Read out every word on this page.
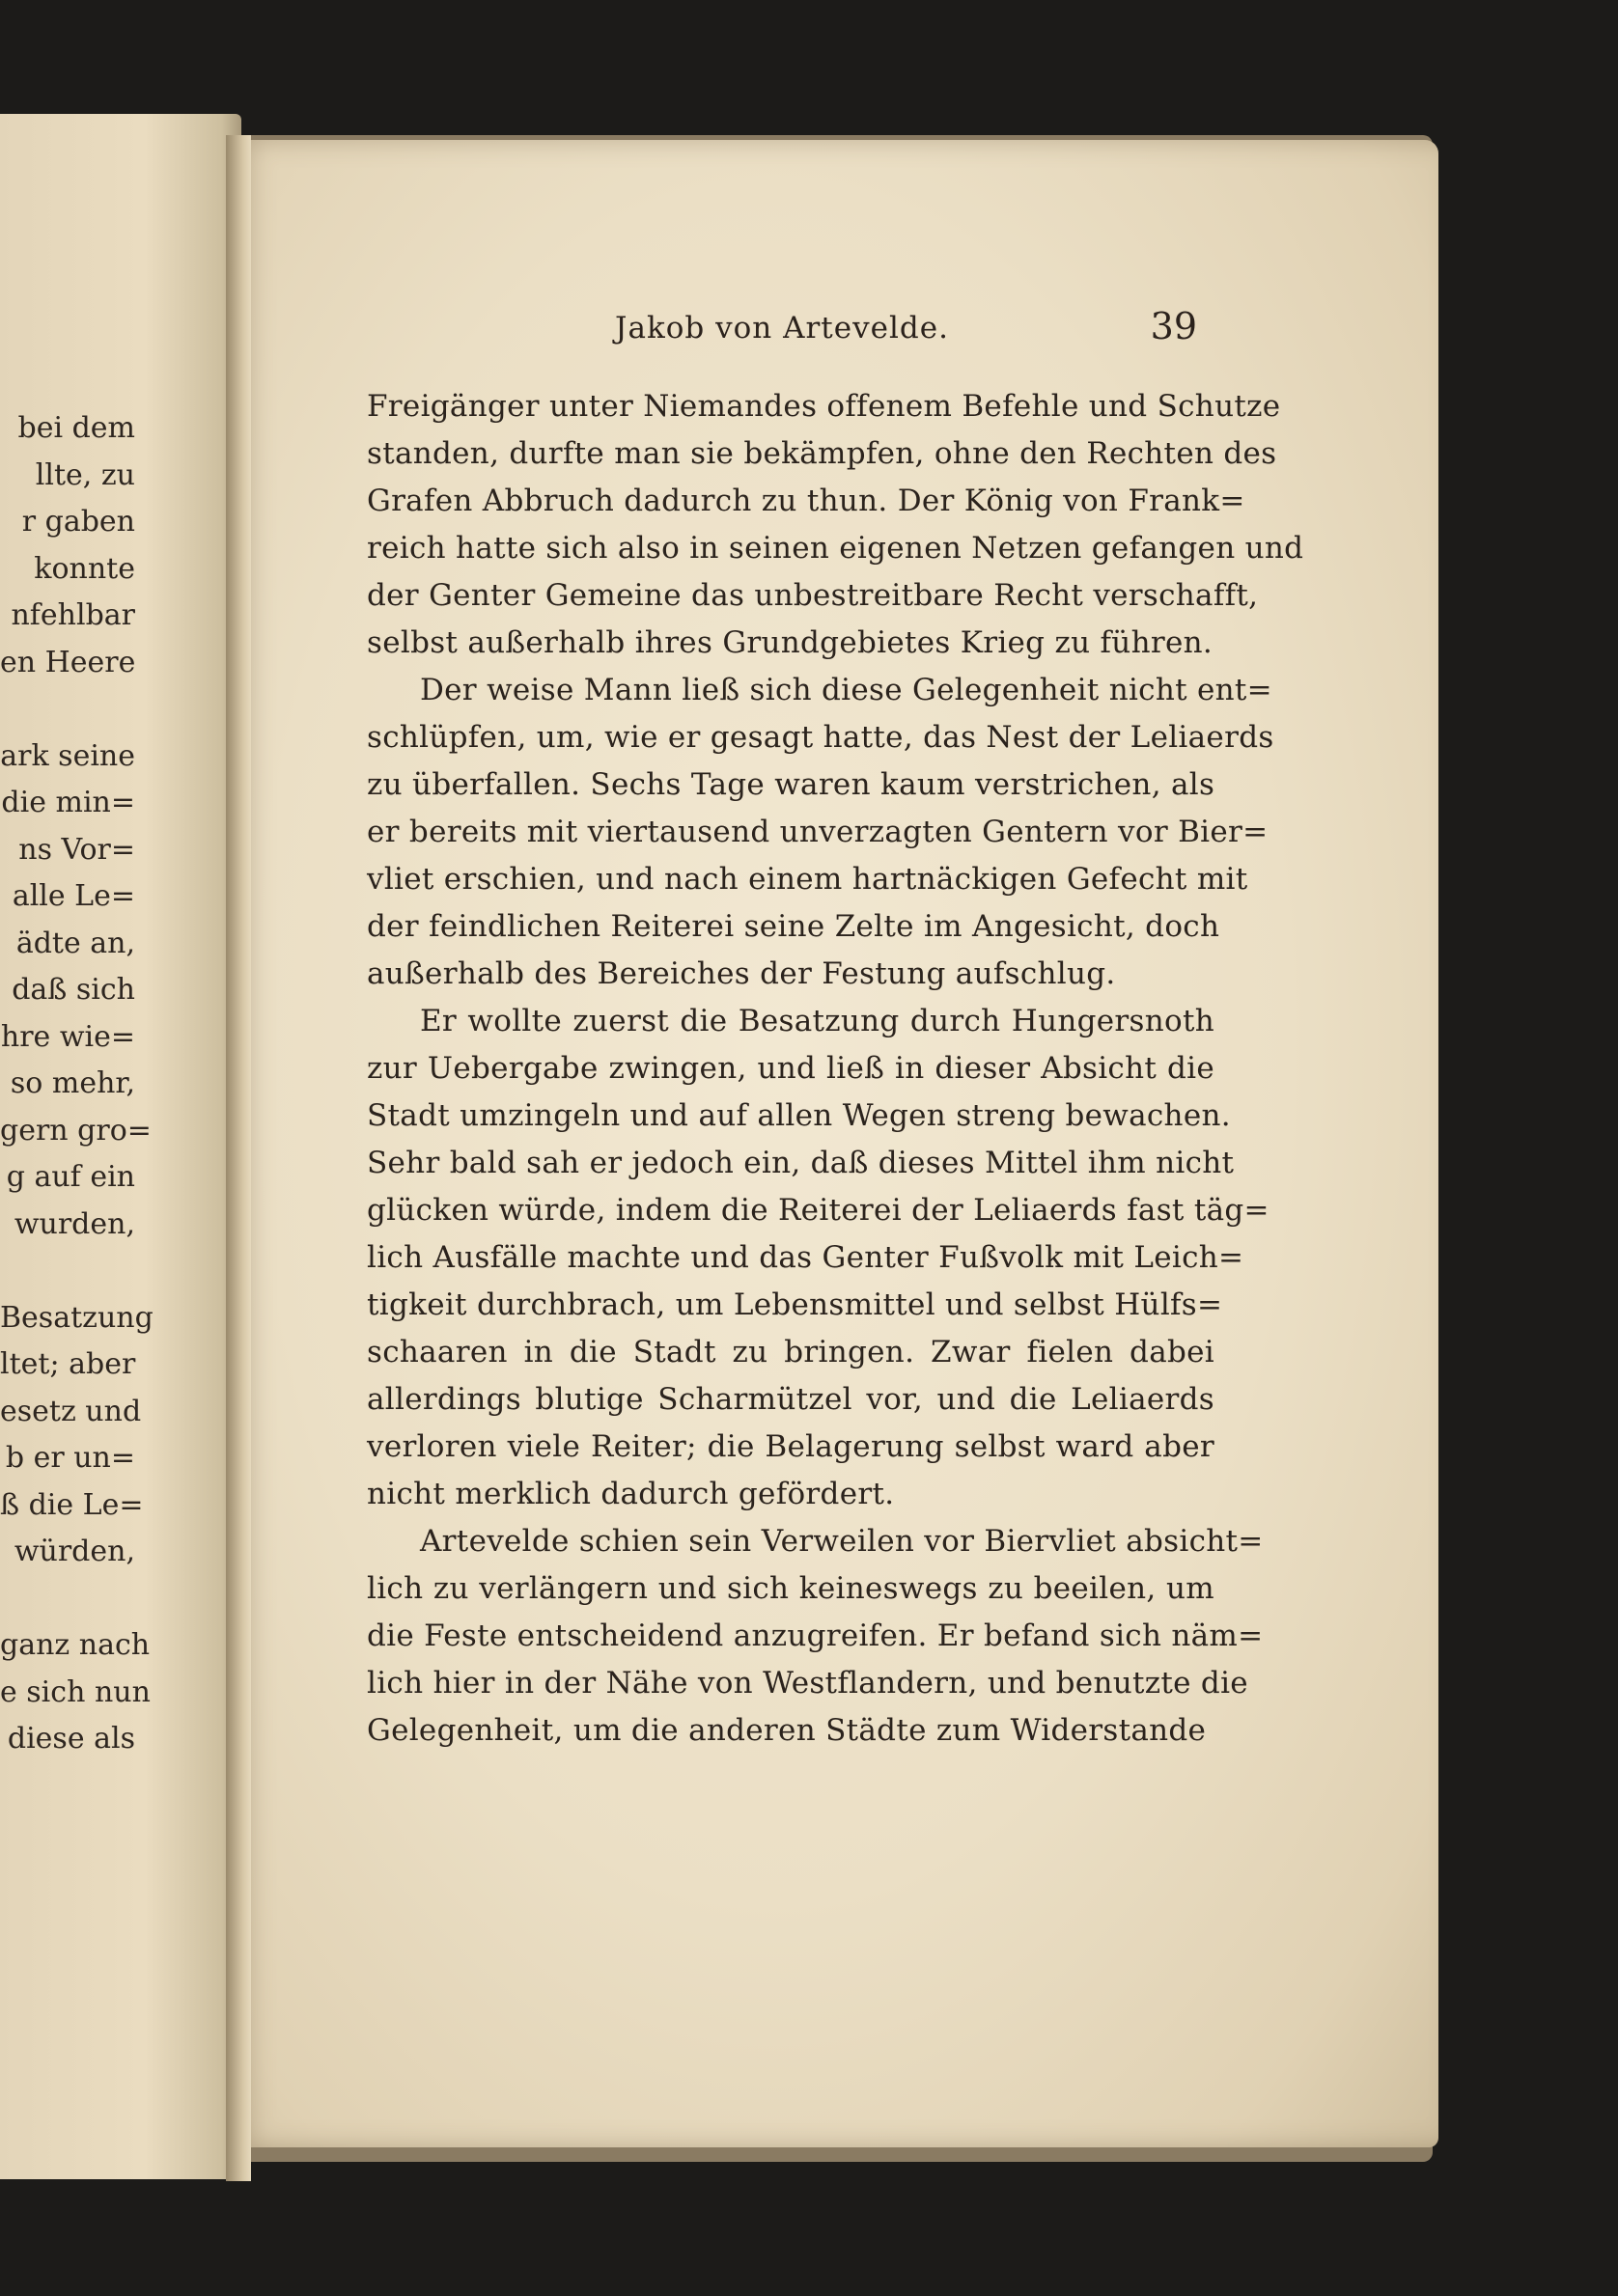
bei dem
llte, zu
r gaben
konnte
nfehlbar
en Heere
ark seine
die min=
ns Vor=
alle Le=
ädte an,
daß sich
hre wie=
so mehr,
gern gro=
g auf ein
wurden,
Besatzung
ltet; aber
esetz und
b er un=
ß die Le=
würden,
ganz nach
e sich nun
diese als
Jakob von Artevelde.	39
Freigänger unter Niemandes offenem Befehle und Schutze
standen, durfte man sie bekämpfen, ohne den Rechten des
Grafen Abbruch dadurch zu thun. Der König von Frank=
reich hatte sich also in seinen eigenen Netzen gefangen und
der Genter Gemeine das unbestreitbare Recht verschafft,
selbst außerhalb ihres Grundgebietes Krieg zu führen.
Der weise Mann ließ sich diese Gelegenheit nicht ent=
schlüpfen, um, wie er gesagt hatte, das Nest der Leliaerds
zu überfallen. Sechs Tage waren kaum verstrichen, als
er bereits mit viertausend unverzagten Gentern vor Bier=
vliet erschien, und nach einem hartnäckigen Gefecht mit
der feindlichen Reiterei seine Zelte im Angesicht, doch
außerhalb des Bereiches der Festung aufschlug.
Er wollte zuerst die Besatzung durch Hungersnoth
zur Uebergabe zwingen, und ließ in dieser Absicht die
Stadt umzingeln und auf allen Wegen streng bewachen.
Sehr bald sah er jedoch ein, daß dieses Mittel ihm nicht
glücken würde, indem die Reiterei der Leliaerds fast täg=
lich Ausfälle machte und das Genter Fußvolk mit Leich=
tigkeit durchbrach, um Lebensmittel und selbst Hülfs=
schaaren in die Stadt zu bringen. Zwar fielen dabei
allerdings blutige Scharmützel vor, und die Leliaerds
verloren viele Reiter; die Belagerung selbst ward aber
nicht merklich dadurch gefördert.
Artevelde schien sein Verweilen vor Biervliet absicht=
lich zu verlängern und sich keineswegs zu beeilen, um
die Feste entscheidend anzugreifen. Er befand sich näm=
lich hier in der Nähe von Westflandern, und benutzte die
Gelegenheit, um die anderen Städte zum Widerstande
